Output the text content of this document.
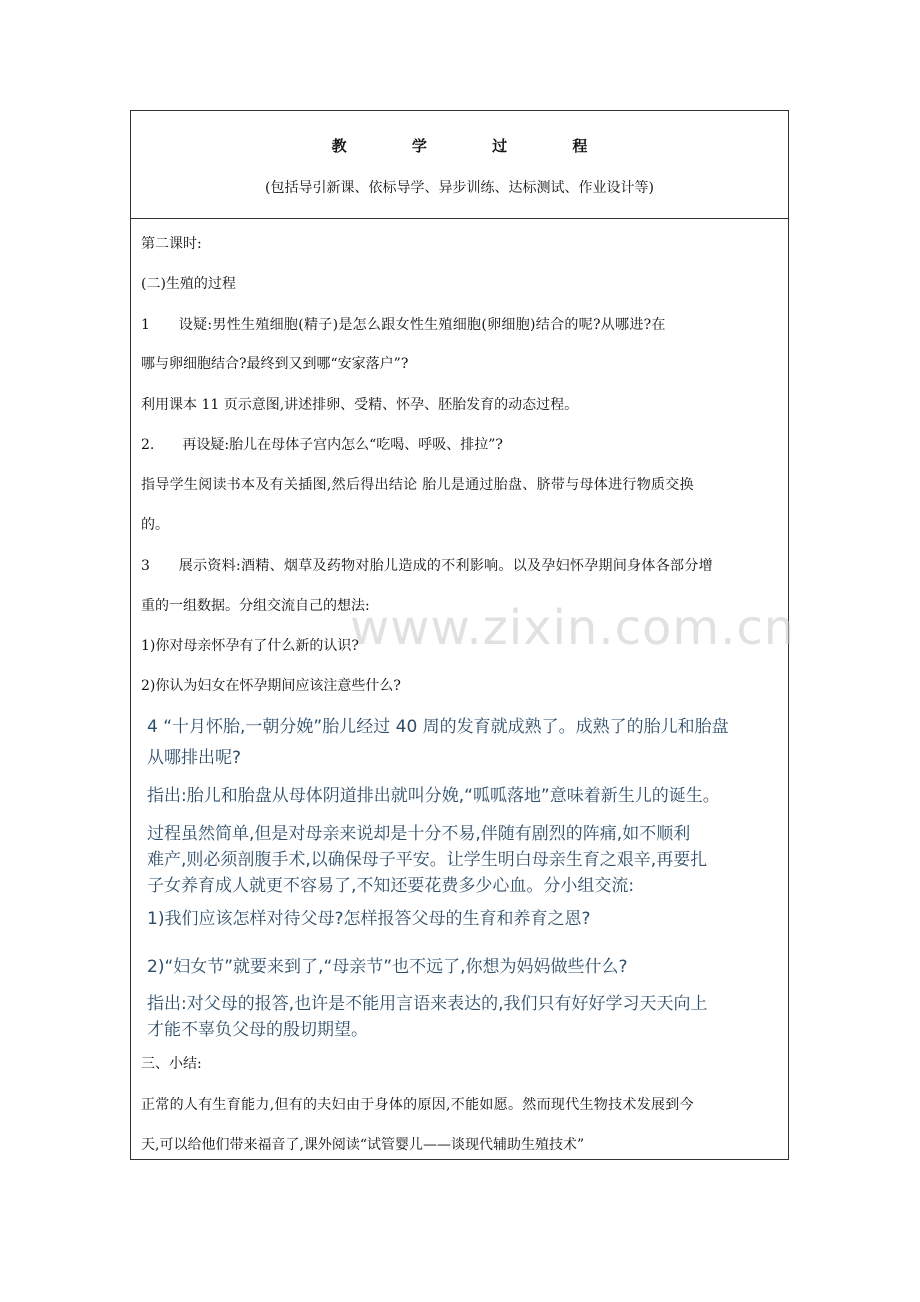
教 学 过 程
(包括导引新课、依标导学、异步训练、达标测试、作业设计等)
第二课时:
(二)生殖的过程
1　　设疑:男性生殖细胞(精子)是怎么跟女性生殖细胞(卵细胞)结合的呢?从哪进?在
哪与卵细胞结合?最终到又到哪“安家落户”?
利用课本 11 页示意图,讲述排卵、受精、怀孕、胚胎发育的动态过程。
2.　　再设疑:胎儿在母体子宫内怎么“吃喝、呼吸、排拉”?
指导学生阅读书本及有关插图,然后得出结论 胎儿是通过胎盘、脐带与母体进行物质交换
的。
3　　展示资料:酒精、烟草及药物对胎儿造成的不利影响。以及孕妇怀孕期间身体各部分增
重的一组数据。分组交流自己的想法:
1)你对母亲怀孕有了什么新的认识?
2)你认为妇女在怀孕期间应该注意些什么?
4 “十月怀胎,一朝分娩”胎儿经过 40 周的发育就成熟了。成熟了的胎儿和胎盘
从哪排出呢?
指出:胎儿和胎盘从母体阴道排出就叫分娩,“呱呱落地”意味着新生儿的诞生。
过程虽然简单,但是对母亲来说却是十分不易,伴随有剧烈的阵痛,如不顺利
难产,则必须剖腹手术,以确保母子平安。让学生明白母亲生育之艰辛,再要扎
子女养育成人就更不容易了,不知还要花费多少心血。分小组交流:
1)我们应该怎样对待父母?怎样报答父母的生育和养育之恩?
2)“妇女节”就要来到了,“母亲节”也不远了,你想为妈妈做些什么?
指出:对父母的报答,也许是不能用言语来表达的,我们只有好好学习天天向上
才能不辜负父母的殷切期望。
三、小结:
正常的人有生育能力,但有的夫妇由于身体的原因,不能如愿。然而现代生物技术发展到今
天,可以给他们带来福音了,课外阅读“试管婴儿——谈现代辅助生殖技术”
www.zixin.com.cn
